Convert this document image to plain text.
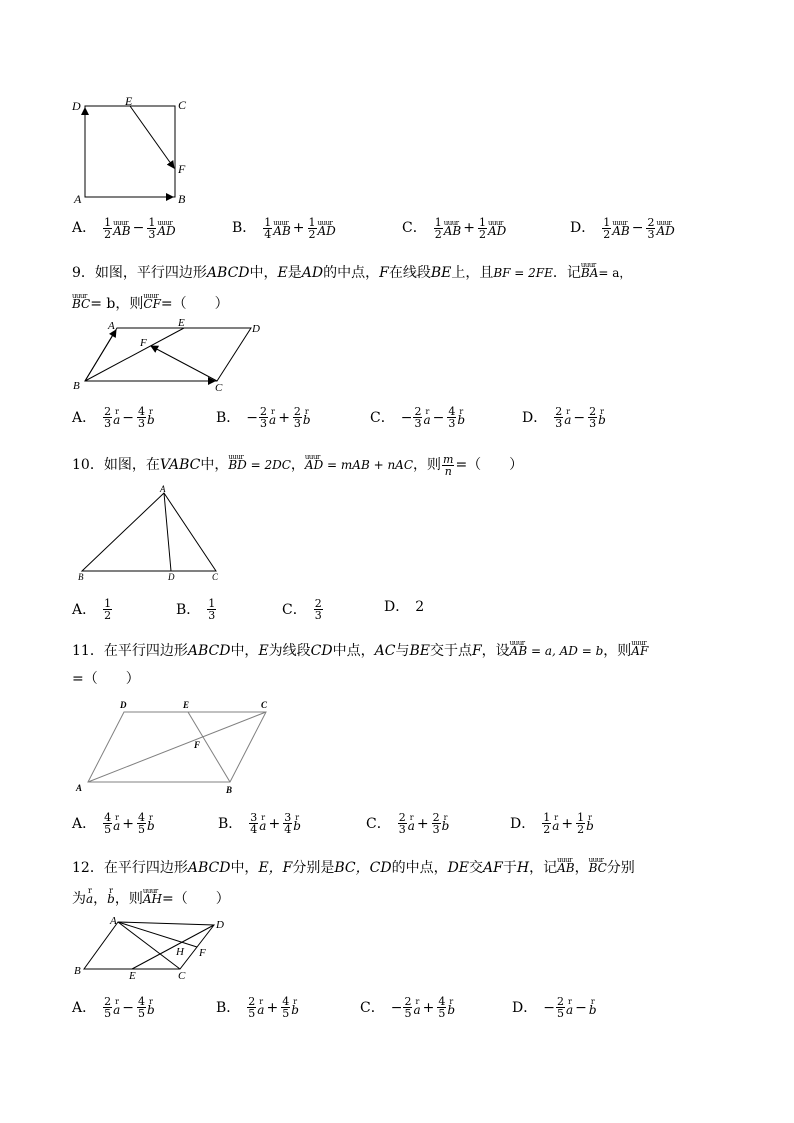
D	E	C
F
A	B
A． $\frac{1}{2}$ uuur AB − $\frac{1}{3}$ uuur AD	B． $\frac{1}{4}$ uuur AB + $\frac{1}{2}$ uuur AD	C． $\frac{1}{2}$ uuur AB + $\frac{1}{2}$ uuur AD	D． $\frac{1}{2}$ uuur AB − $\frac{2}{3}$ uuur AD
9．如图，平行四边形ABCD中，E是AD的中点，F在线段BE上，且BF = 2FE．记uuur BA= a，
uuur BC= b，则uuur CF=（　　）
A	E	D
F
B	C
A． $\frac{2}{3}$ r $a - \frac{4}{3}$ r b	B． − $\frac{2}{3}$ r $a + \frac{2}{3}$ r b	C． − $\frac{2}{3}$ r $a - \frac{4}{3}$ r b	D． $\frac{2}{3}$ r $a - \frac{2}{3}$ r b
10．如图，在VABC中，uuur BD = 2DC，uuur AD = mAB + nAC，则 $\frac{m}{n}$ =（　　）
A
B	D	C
A． $\frac{1}{2}$	B． $\frac{1}{3}$	C． $\frac{2}{3}$	D． 2
11．在平行四边形ABCD中，E为线段CD中点，AC与BE交于点F，设uuur AB = a, AD = b，则uuur AF
=（　　）
D	E	C
F
A	B
A． $\frac{4}{5}$ r $a + \frac{4}{5}$ r b	B． $\frac{3}{4}$ r $a + \frac{3}{4}$ r b	C． $\frac{2}{3}$ r $a + \frac{2}{3}$ r b	D． $\frac{1}{2}$ r $a + \frac{1}{2}$ r b
12．在平行四边形ABCD中，E，F分别是BC，CD的中点，DE交AF于H，记uuur AB，uuur BC分别
为r a，r b，则uuur AH=（　　）
A	D
H F
B	E	C
A． $\frac{2}{5}$ r $a - \frac{4}{5}$ r b	B． $\frac{2}{5}$ r $a + \frac{4}{5}$ r b	C． − $\frac{2}{5}$ r $a + \frac{4}{5}$ r b	D． − $\frac{2}{5}$ r a − r b
